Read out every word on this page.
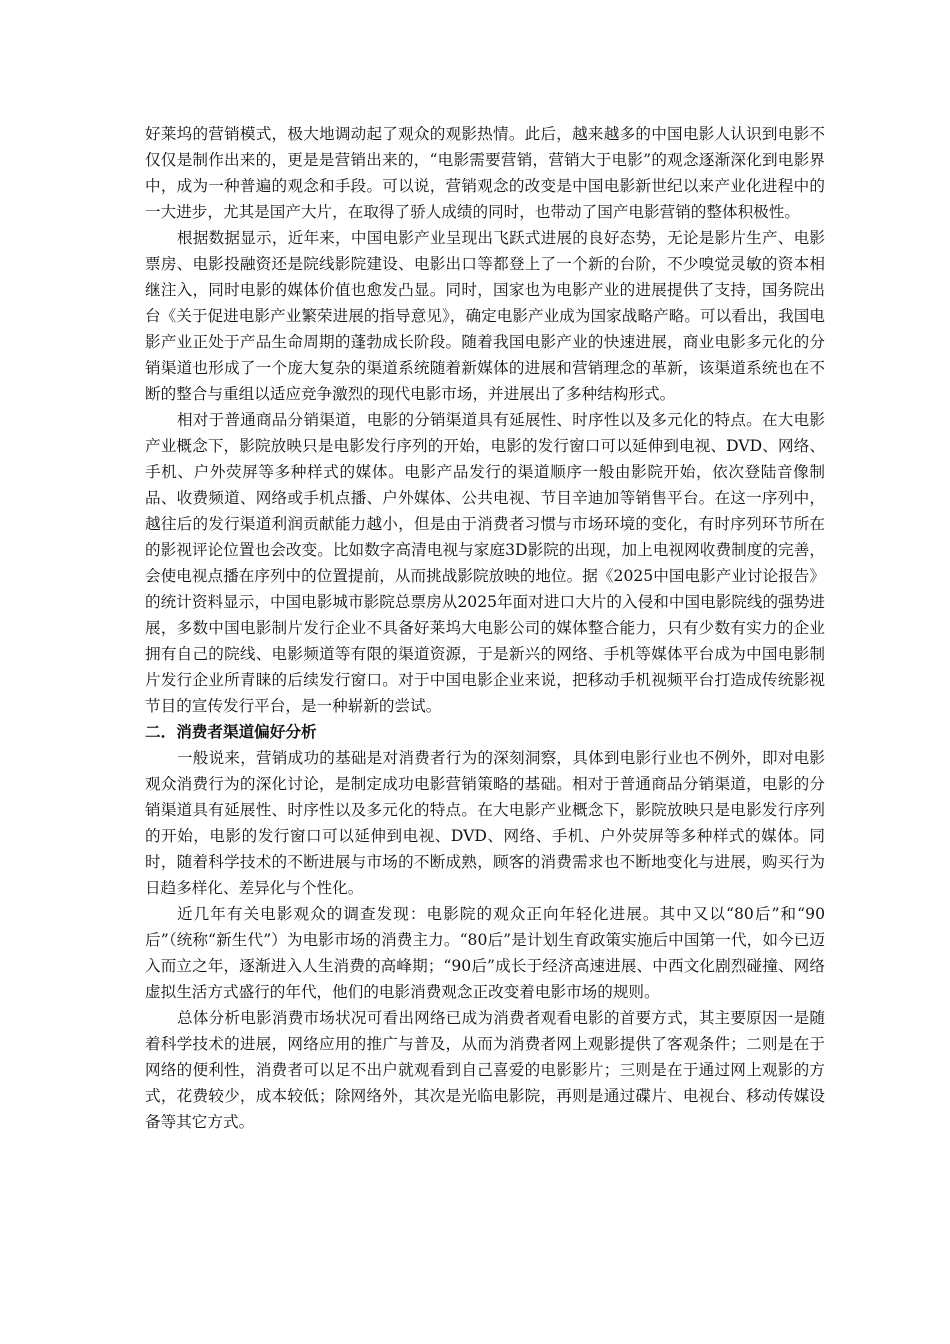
好莱坞的营销模式，极大地调动起了观众的观影热情。此后，越来越多的中国电影人认识到电影不仅仅是制作出来的，更是是营销出来的，“电影需要营销，营销大于电影”的观念逐渐深化到电影界中，成为一种普遍的观念和手段。可以说，营销观念的改变是中国电影新世纪以来产业化进程中的一大进步，尤其是国产大片，在取得了骄人成绩的同时，也带动了国产电影营销的整体积极性。

根据数据显示，近年来，中国电影产业呈现出飞跃式进展的良好态势，无论是影片生产、电影票房、电影投融资还是院线影院建设、电影出口等都登上了一个新的台阶，不少嗅觉灵敏的资本相继注入，同时电影的媒体价值也愈发凸显。同时，国家也为电影产业的进展提供了支持，国务院出台《关于促进电影产业繁荣进展的指导意见》，确定电影产业成为国家战略产略。可以看出，我国电影产业正处于产品生命周期的蓬勃成长阶段。随着我国电影产业的快速进展，商业电影多元化的分销渠道也形成了一个庞大复杂的渠道系统随着新媒体的进展和营销理念的革新，该渠道系统也在不断的整合与重组以适应竞争激烈的现代电影市场，并进展出了多种结构形式。

相对于普通商品分销渠道，电影的分销渠道具有延展性、时序性以及多元化的特点。在大电影产业概念下，影院放映只是电影发行序列的开始，电影的发行窗口可以延伸到电视、DVD、网络、手机、户外荧屏等多种样式的媒体。电影产品发行的渠道顺序一般由影院开始，依次登陆音像制品、收费频道、网络或手机点播、户外媒体、公共电视、节目辛迪加等销售平台。在这一序列中，越往后的发行渠道利润贡献能力越小，但是由于消费者习惯与市场环境的变化，有时序列环节所在的影视评论位置也会改变。比如数字高清电视与家庭3D影院的出现，加上电视网收费制度的完善，会使电视点播在序列中的位置提前，从而挑战影院放映的地位。据《2025中国电影产业讨论报告》的统计资料显示，中国电影城市影院总票房从2025年面对进口大片的入侵和中国电影院线的强势进展，多数中国电影制片发行企业不具备好莱坞大电影公司的媒体整合能力，只有少数有实力的企业拥有自己的院线、电影频道等有限的渠道资源，于是新兴的网络、手机等媒体平台成为中国电影制片发行企业所青睐的后续发行窗口。对于中国电影企业来说，把移动手机视频平台打造成传统影视节目的宣传发行平台，是一种崭新的尝试。

二．消费者渠道偏好分析

一般说来，营销成功的基础是对消费者行为的深刻洞察，具体到电影行业也不例外，即对电影观众消费行为的深化讨论，是制定成功电影营销策略的基础。相对于普通商品分销渠道，电影的分销渠道具有延展性、时序性以及多元化的特点。在大电影产业概念下，影院放映只是电影发行序列的开始，电影的发行窗口可以延伸到电视、DVD、网络、手机、户外荧屏等多种样式的媒体。同时，随着科学技术的不断进展与市场的不断成熟，顾客的消费需求也不断地变化与进展，购买行为日趋多样化、差异化与个性化。

近几年有关电影观众的调查发现：电影院的观众正向年轻化进展。其中又以“80后”和“90后”（统称“新生代”）为电影市场的消费主力。“80后”是计划生育政策实施后中国第一代，如今已迈入而立之年，逐渐进入人生消费的高峰期；“90后”成长于经济高速进展、中西文化剧烈碰撞、网络虚拟生活方式盛行的年代，他们的电影消费观念正改变着电影市场的规则。

总体分析电影消费市场状况可看出网络已成为消费者观看电影的首要方式，其主要原因一是随着科学技术的进展，网络应用的推广与普及，从而为消费者网上观影提供了客观条件；二则是在于网络的便利性，消费者可以足不出户就观看到自己喜爱的电影影片；三则是在于通过网上观影的方式，花费较少，成本较低；除网络外，其次是光临电影院，再则是通过碟片、电视台、移动传媒设备等其它方式。
